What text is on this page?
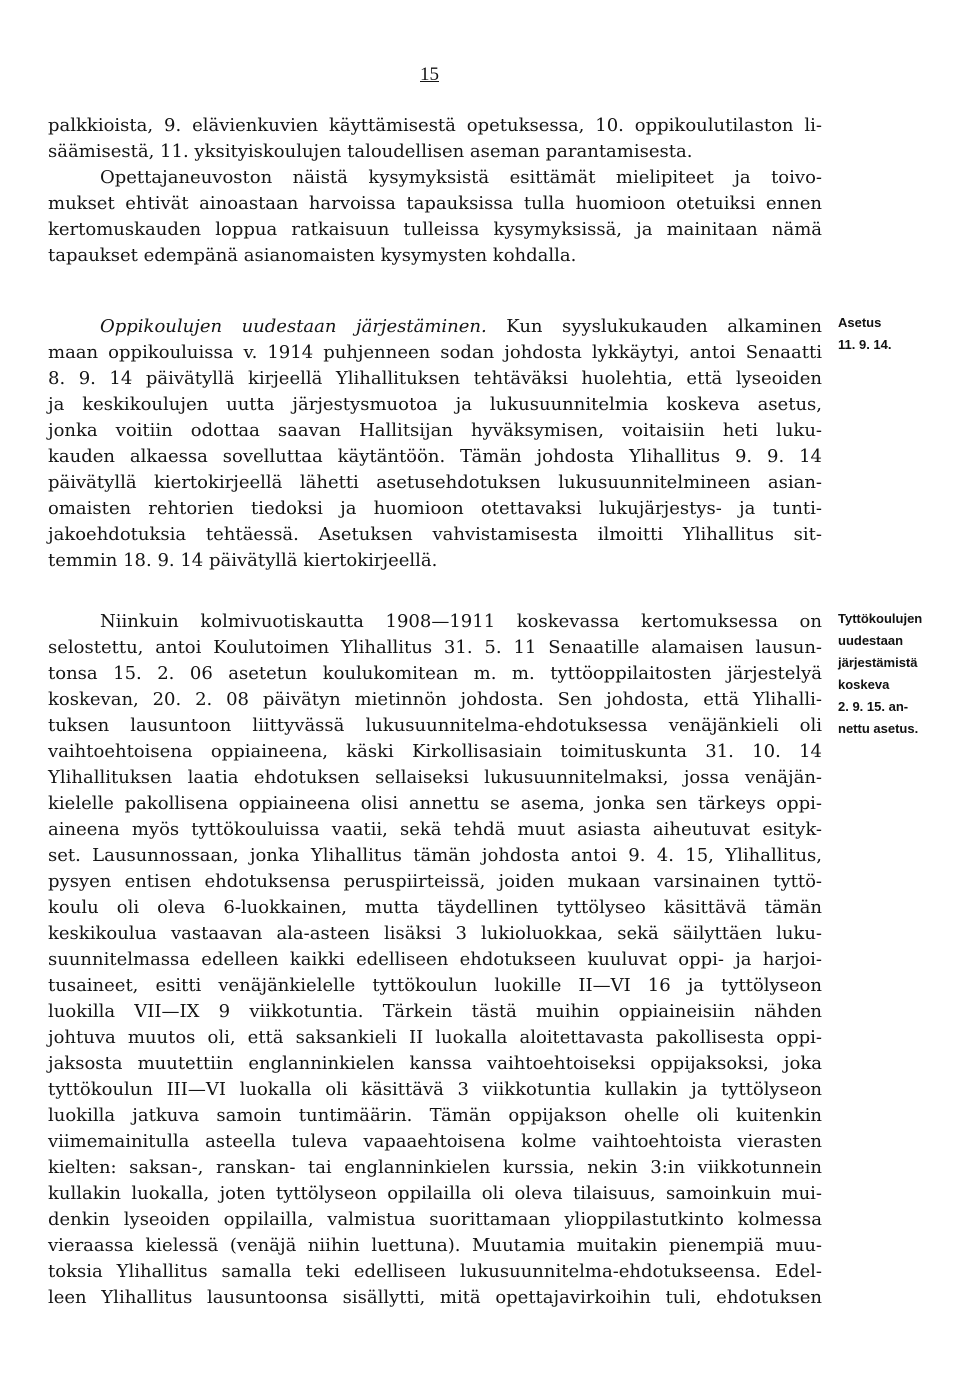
15
palkkioista, 9. elävienkuvien käyttämisestä opetuksessa, 10. oppikoulutilaston li-
säämisestä, 11. yksityiskoulujen taloudellisen aseman parantamisesta.
Opettajaneuvoston näistä kysymyksistä esittämät mielipiteet ja toivo-
mukset ehtivät ainoastaan harvoissa tapauksissa tulla huomioon otetuiksi ennen
kertomuskauden loppua ratkaisuun tulleissa kysymyksissä, ja mainitaan nämä
tapaukset edempänä asianomaisten kysymysten kohdalla.
Oppikoulujen uudestaan järjestäminen. Kun syyslukukauden alkaminen
maan oppikouluissa v. 1914 puhjenneen sodan johdosta lykkäytyi, antoi Senaatti
8. 9. 14 päivätyllä kirjeellä Ylihallituksen tehtäväksi huolehtia, että lyseoiden
ja keskikoulujen uutta järjestysmuotoa ja lukusuunnitelmia koskeva asetus,
jonka voitiin odottaa saavan Hallitsijan hyväksymisen, voitaisiin heti luku-
kauden alkaessa sovelluttaa käytäntöön. Tämän johdosta Ylihallitus 9. 9. 14
päivätyllä kiertokirjeellä lähetti asetusehdotuksen lukusuunnitelmineen asian-
omaisten rehtorien tiedoksi ja huomioon otettavaksi lukujärjestys- ja tunti-
jakoehdotuksia tehtäessä. Asetuksen vahvistamisesta ilmoitti Ylihallitus sit-
temmin 18. 9. 14 päivätyllä kiertokirjeellä.
Asetus
11. 9. 14.
Niinkuin kolmivuotiskautta 1908—1911 koskevassa kertomuksessa on
selostettu, antoi Koulutoimen Ylihallitus 31. 5. 11 Senaatille alamaisen lausun-
tonsa 15. 2. 06 asetetun koulukomitean m. m. tyttöoppilaitosten järjestelyä
koskevan, 20. 2. 08 päivätyn mietinnön johdosta. Sen johdosta, että Ylihalli-
tuksen lausuntoon liittyvässä lukusuunnitelma-ehdotuksessa venäjänkieli oli
vaihtoehtoisena oppiaineena, käski Kirkollisasiain toimituskunta 31. 10. 14
Ylihallituksen laatia ehdotuksen sellaiseksi lukusuunnitelmaksi, jossa venäjän-
kielelle pakollisena oppiaineena olisi annettu se asema, jonka sen tärkeys oppi-
aineena myös tyttökouluissa vaatii, sekä tehdä muut asiasta aiheutuvat esityk-
set. Lausunnossaan, jonka Ylihallitus tämän johdosta antoi 9. 4. 15, Ylihallitus,
pysyen entisen ehdotuksensa peruspiirteissä, joiden mukaan varsinainen tyttö-
koulu oli oleva 6-luokkainen, mutta täydellinen tyttölyseo käsittävä tämän
keskikoulua vastaavan ala-asteen lisäksi 3 lukioluokkaa, sekä säilyttäen luku-
suunnitelmassa edelleen kaikki edelliseen ehdotukseen kuuluvat oppi- ja harjoi-
tusaineet, esitti venäjänkielelle tyttökoulun luokille II—VI 16 ja tyttölyseon
luokilla VII—IX 9 viikkotuntia. Tärkein tästä muihin oppiaineisiin nähden
johtuva muutos oli, että saksankieli II luokalla aloitettavasta pakollisesta oppi-
jaksosta muutettiin englanninkielen kanssa vaihtoehtoiseksi oppijaksoksi, joka
tyttökoulun III—VI luokalla oli käsittävä 3 viikkotuntia kullakin ja tyttölyseon
luokilla jatkuva samoin tuntimäärin. Tämän oppijakson ohelle oli kuitenkin
viimemainitulla asteella tuleva vapaaehtoisena kolme vaihtoehtoista vierasten
kielten: saksan-, ranskan- tai englanninkielen kurssia, nekin 3:in viikkotunnein
kullakin luokalla, joten tyttölyseon oppilailla oli oleva tilaisuus, samoinkuin mui-
denkin lyseoiden oppilailla, valmistua suorittamaan ylioppilastutkinto kolmessa
vieraassa kielessä (venäjä niihin luettuna). Muutamia muitakin pienempiä muu-
toksia Ylihallitus samalla teki edelliseen lukusuunnitelma-ehdotukseensa. Edel-
leen Ylihallitus lausuntoonsa sisällytti, mitä opettajavirkoihin tuli, ehdotuksen
Tyttökoulujen
uudestaan
järjestämistä
koskeva
2. 9. 15. an-
nettu asetus.
